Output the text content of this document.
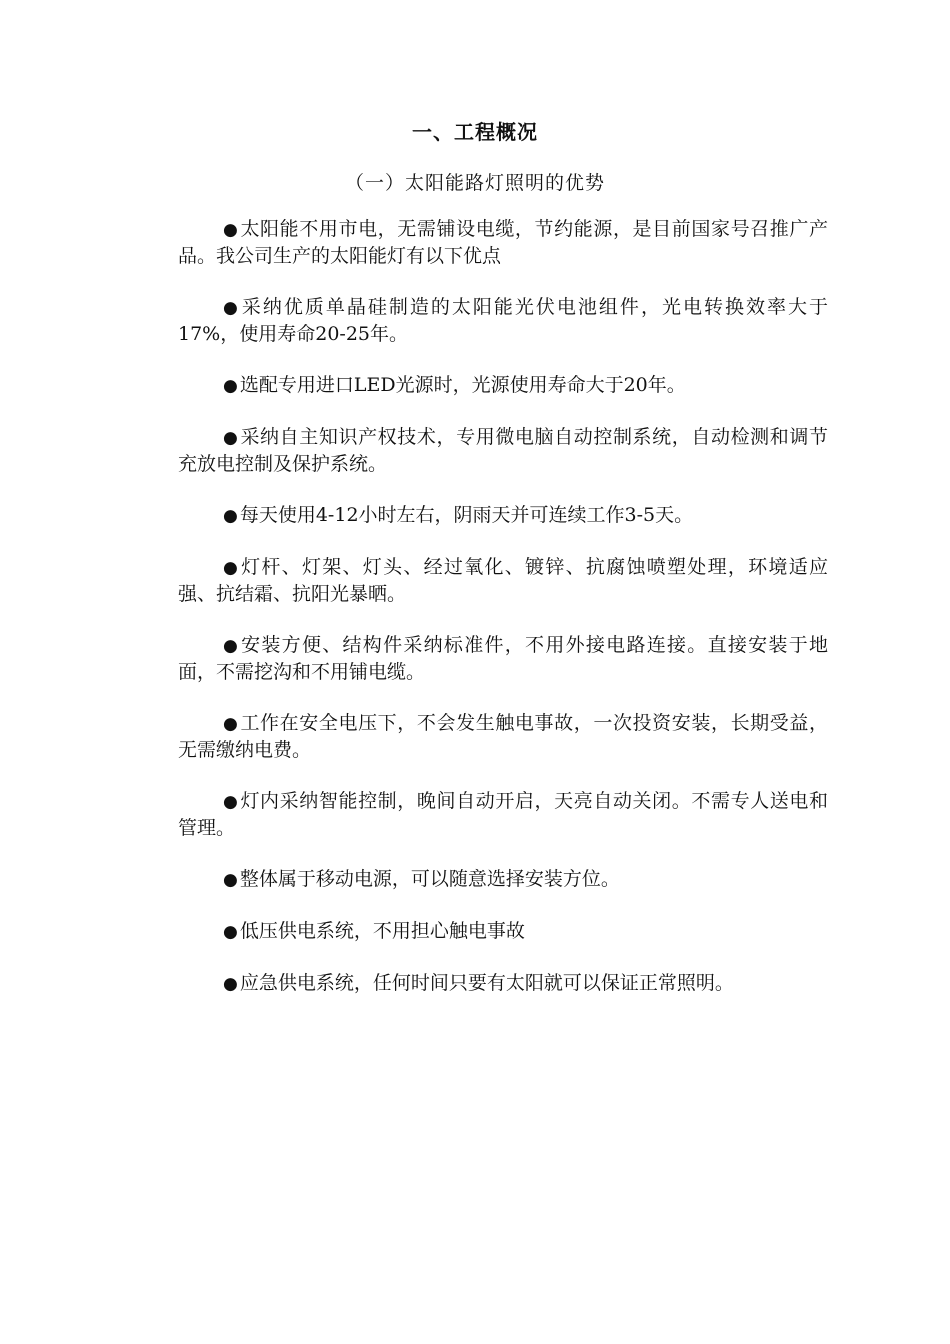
一、工程概况
（一）太阳能路灯照明的优势

● 太阳能不用市电，无需铺设电缆，节约能源，是目前国家号召推广产品。我公司生产的太阳能灯有以下优点

● 采纳优质单晶硅制造的太阳能光伏电池组件，光电转换效率大于17%，使用寿命20-25年。

● 选配专用进口LED光源时，光源使用寿命大于20年。

● 采纳自主知识产权技术，专用微电脑自动控制系统，自动检测和调节充放电控制及保护系统。

● 每天使用4-12小时左右，阴雨天并可连续工作3-5天。

● 灯杆、灯架、灯头、经过氧化、镀锌、抗腐蚀喷塑处理，环境适应强、抗结霜、抗阳光暴晒。

● 安装方便、结构件采纳标准件，不用外接电路连接。直接安装于地面，不需挖沟和不用铺电缆。

● 工作在安全电压下，不会发生触电事故，一次投资安装，长期受益，无需缴纳电费。

● 灯内采纳智能控制，晚间自动开启，天亮自动关闭。不需专人送电和管理。

● 整体属于移动电源，可以随意选择安装方位。

● 低压供电系统，不用担心触电事故

● 应急供电系统，任何时间只要有太阳就可以保证正常照明。
